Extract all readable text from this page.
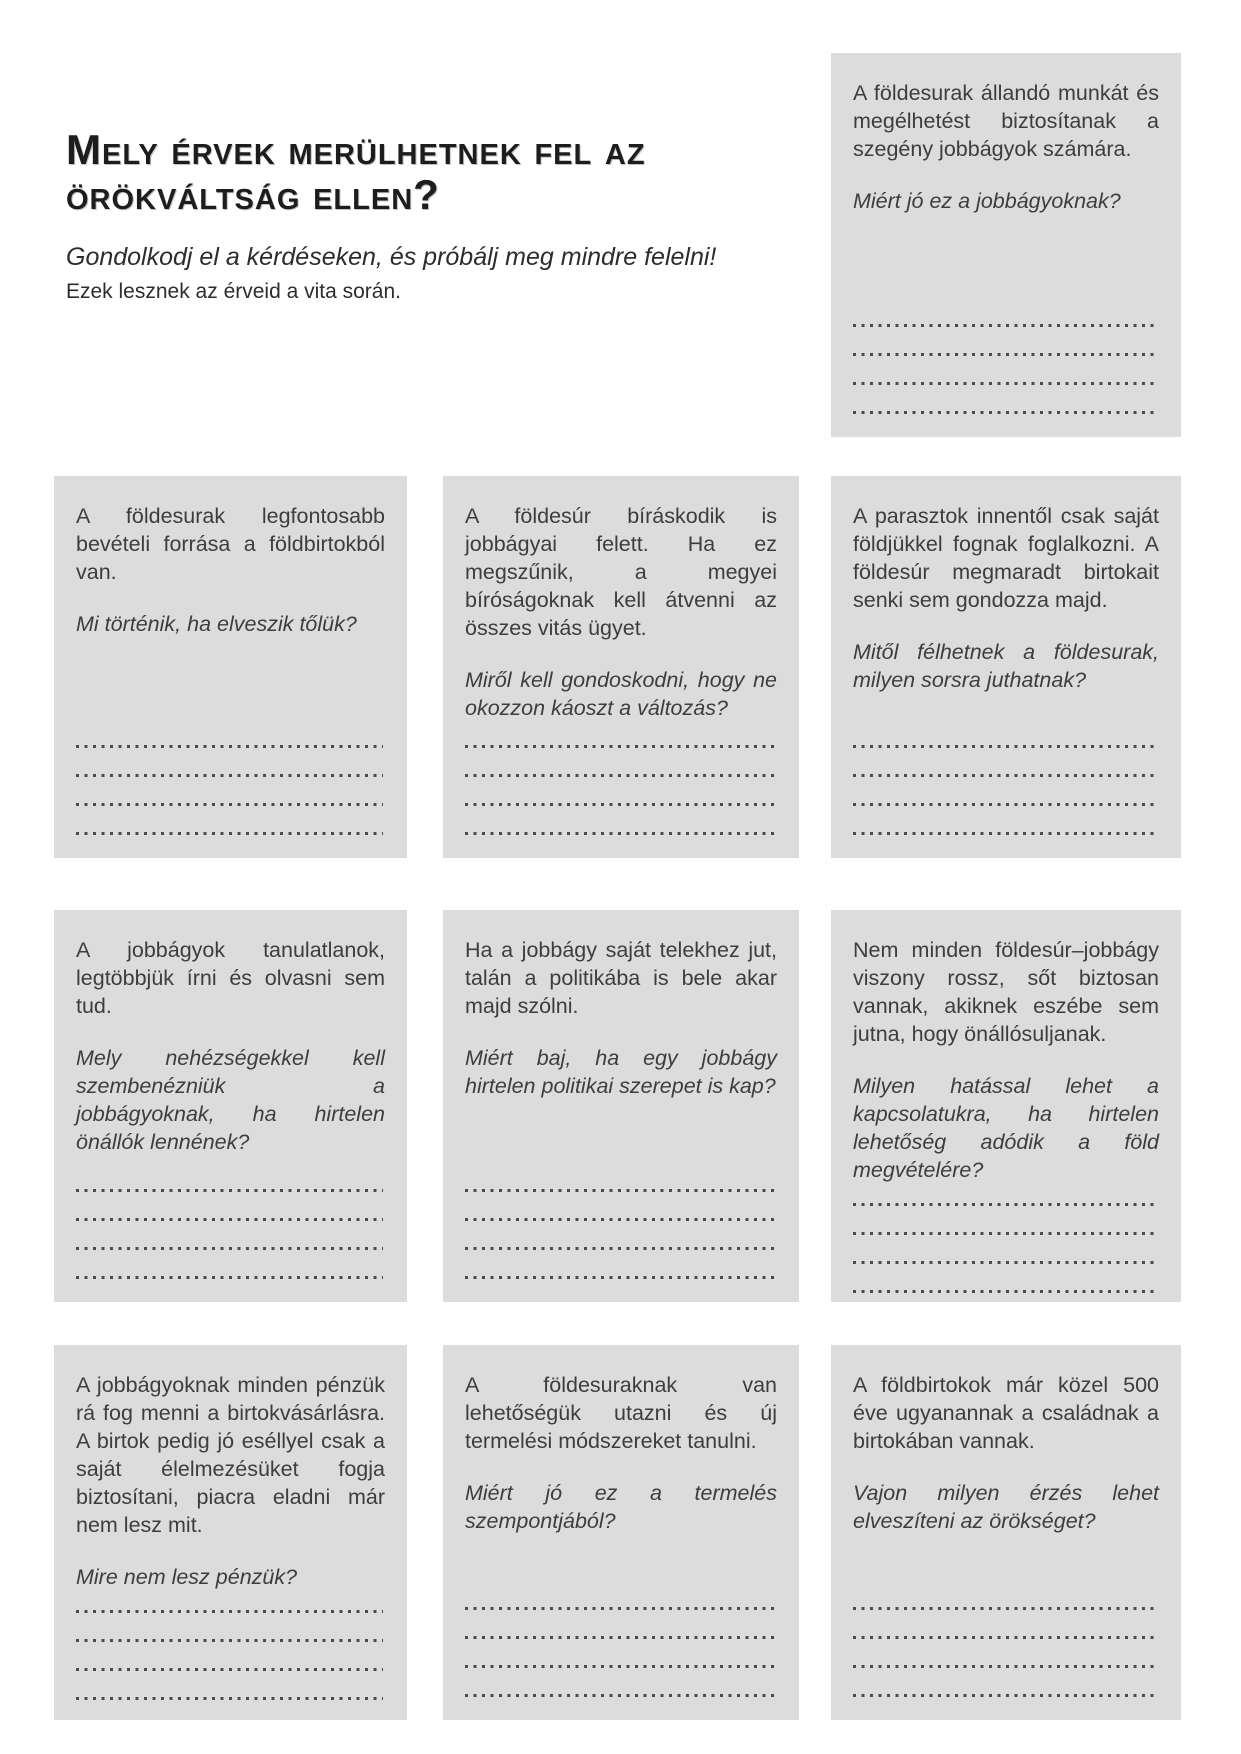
Mely érvek merülhetnek fel az
örökváltság ellen?

Gondolkodj el a kérdéseken, és próbálj meg mindre felelni!

Ezek lesznek az érveid a vita során.

A földesurak állandó munkát és megélhetést biztosítanak a szegény jobbágyok számára.

Miért jó ez a jobbágyoknak?

A földesurak legfontosabb bevételi forrása a földbirtokból van.

Mi történik, ha elveszik tőlük?

A földesúr bíráskodik is jobbágyai felett. Ha ez megszűnik, a megyei bíróságoknak kell átvenni az összes vitás ügyet.

Miről kell gondoskodni, hogy ne okozzon káoszt a változás?

A parasztok innentől csak saját földjükkel fognak foglalkozni. A földesúr megmaradt birtokait senki sem gondozza majd.

Mitől félhetnek a földesurak, milyen sorsra juthatnak?

A jobbágyok tanulatlanok, legtöbbjük írni és olvasni sem tud.

Mely nehézségekkel kell szembenézniük a jobbágyoknak, ha hirtelen önállók lennének?

Ha a jobbágy saját telekhez jut, talán a politikába is bele akar majd szólni.

Miért baj, ha egy jobbágy hirtelen politikai szerepet is kap?

Nem minden földesúr–jobbágy viszony rossz, sőt biztosan vannak, akiknek eszébe sem jutna, hogy önállósuljanak.

Milyen hatással lehet a kapcsolatukra, ha hirtelen lehetőség adódik a föld megvételére?

A jobbágyoknak minden pénzük rá fog menni a birtokvásárlásra. A birtok pedig jó eséllyel csak a saját élelmezésüket fogja biztosítani, piacra eladni már nem lesz mit.

Mire nem lesz pénzük?

A földesuraknak van lehetőségük utazni és új termelési módszereket tanulni.

Miért jó ez a termelés szempontjából?

A földbirtokok már közel 500 éve ugyanannak a családnak a birtokában vannak.

Vajon milyen érzés lehet elveszíteni az örökséget?
